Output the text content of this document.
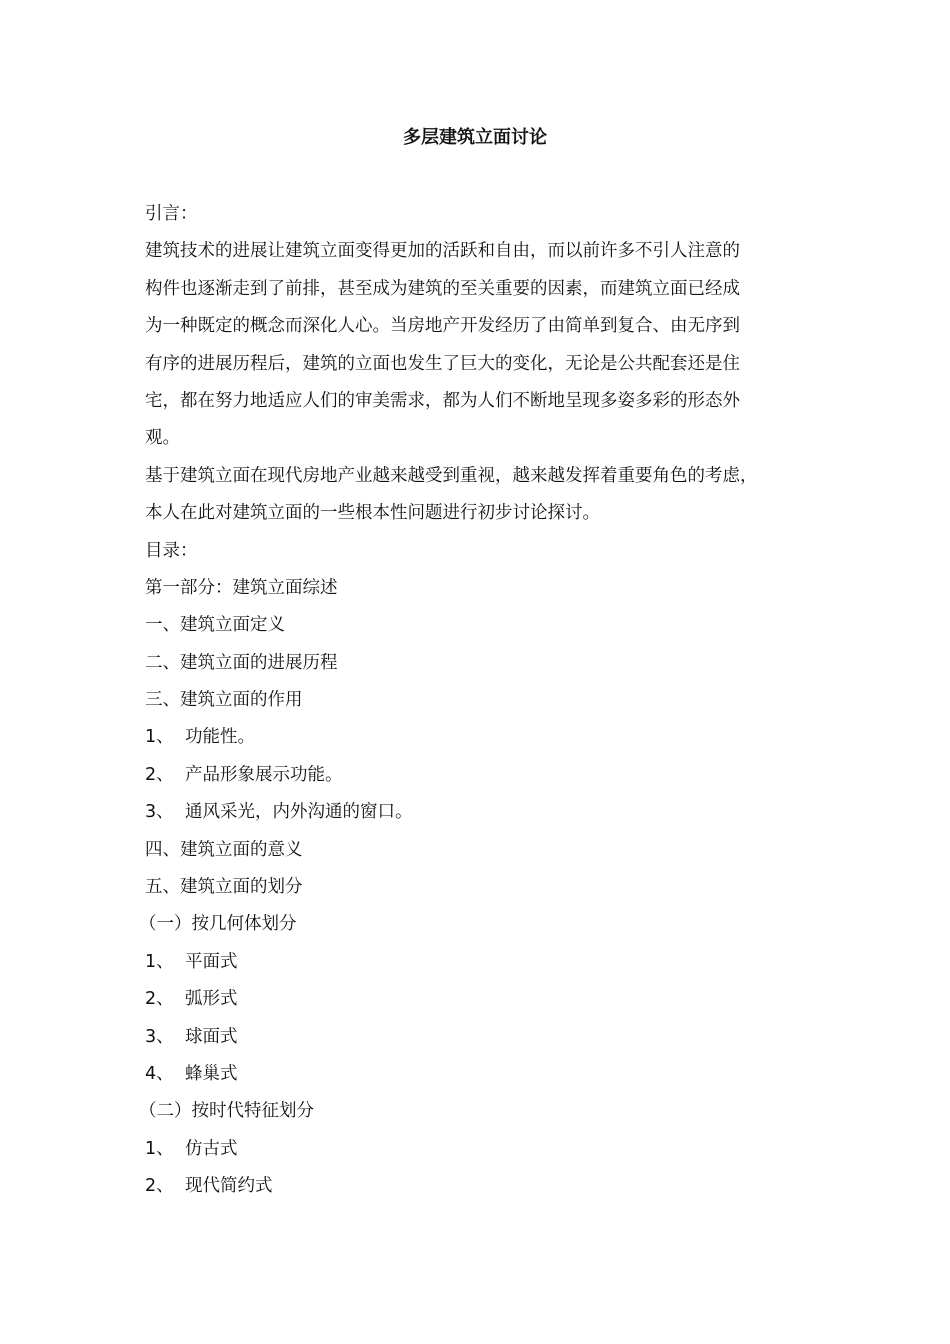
多层建筑立面讨论
引言：
建筑技术的进展让建筑立面变得更加的活跃和自由，而以前许多不引人注意的
构件也逐渐走到了前排，甚至成为建筑的至关重要的因素，而建筑立面已经成
为一种既定的概念而深化人心。当房地产开发经历了由简单到复合、由无序到
有序的进展历程后，建筑的立面也发生了巨大的变化，无论是公共配套还是住
宅，都在努力地适应人们的审美需求，都为人们不断地呈现多姿多彩的形态外
观。
基于建筑立面在现代房地产业越来越受到重视，越来越发挥着重要角色的考虑，
本人在此对建筑立面的一些根本性问题进行初步讨论探讨。
目录：
第一部分：建筑立面综述
一、建筑立面定义
二、建筑立面的进展历程
三、建筑立面的作用
1、 功能性。
2、 产品形象展示功能。
3、 通风采光，内外沟通的窗口。
四、建筑立面的意义
五、建筑立面的划分
（一）按几何体划分
1、 平面式
2、 弧形式
3、 球面式
4、 蜂巢式
（二）按时代特征划分
1、 仿古式
2、 现代简约式
